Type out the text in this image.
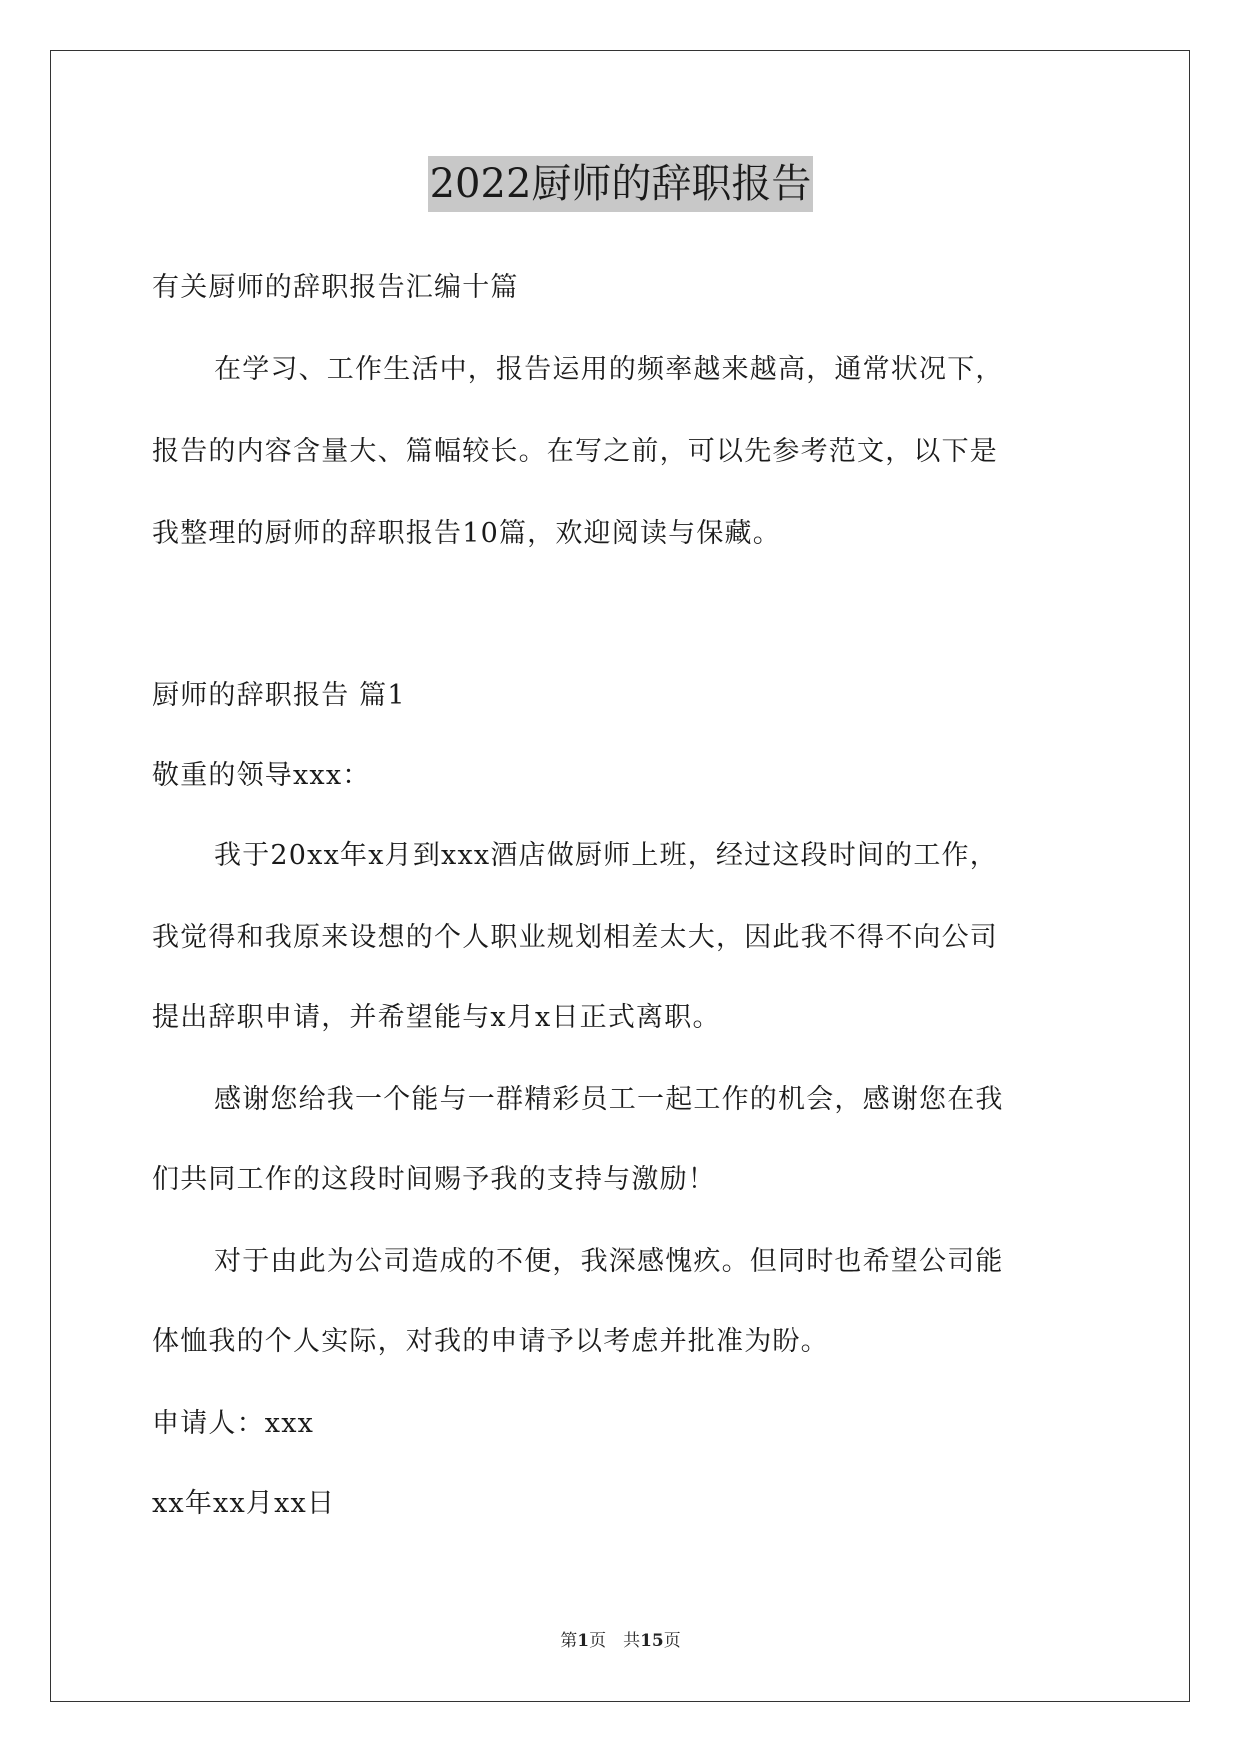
2022厨师的辞职报告
有关厨师的辞职报告汇编十篇
在学习、工作生活中，报告运用的频率越来越高，通常状况下，
报告的内容含量大、篇幅较长。在写之前，可以先参考范文，以下是
我整理的厨师的辞职报告10篇，欢迎阅读与保藏。
厨师的辞职报告 篇1
敬重的领导xxx：
我于20xx年x月到xxx酒店做厨师上班，经过这段时间的工作，
我觉得和我原来设想的个人职业规划相差太大，因此我不得不向公司
提出辞职申请，并希望能与x月x日正式离职。
感谢您给我一个能与一群精彩员工一起工作的机会，感谢您在我
们共同工作的这段时间赐予我的支持与激励！
对于由此为公司造成的不便，我深感愧疚。但同时也希望公司能
体恤我的个人实际，对我的申请予以考虑并批准为盼。
申请人：xxx
xx年xx月xx日
第1页　共15页
